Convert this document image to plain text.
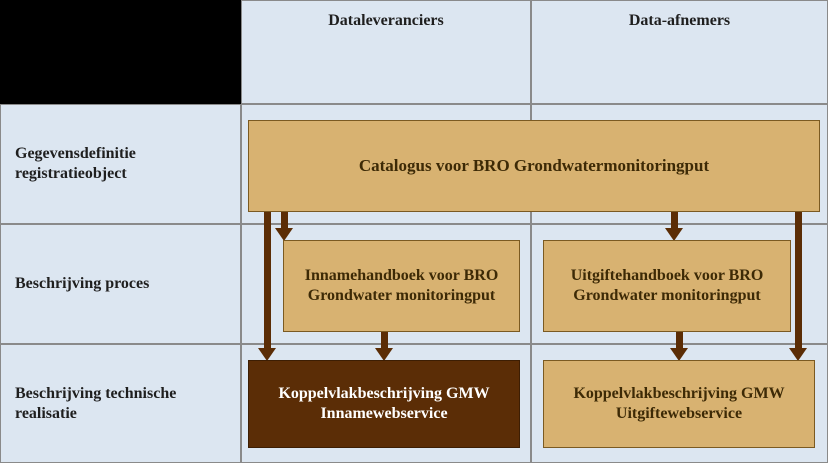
Dataleveranciers	Data-afnemers
Gegevensdefinitie registratieobject
Beschrijving proces
Beschrijving technische realisatie
Catalogus voor BRO Grondwatermonitoringput
Innamehandboek voor BRO Grondwater monitoringput
Uitgiftehandboek voor BRO Grondwater monitoringput
Koppelvlakbeschrijving GMW Innamewebservice
Koppelvlakbeschrijving GMW Uitgiftewebservice
